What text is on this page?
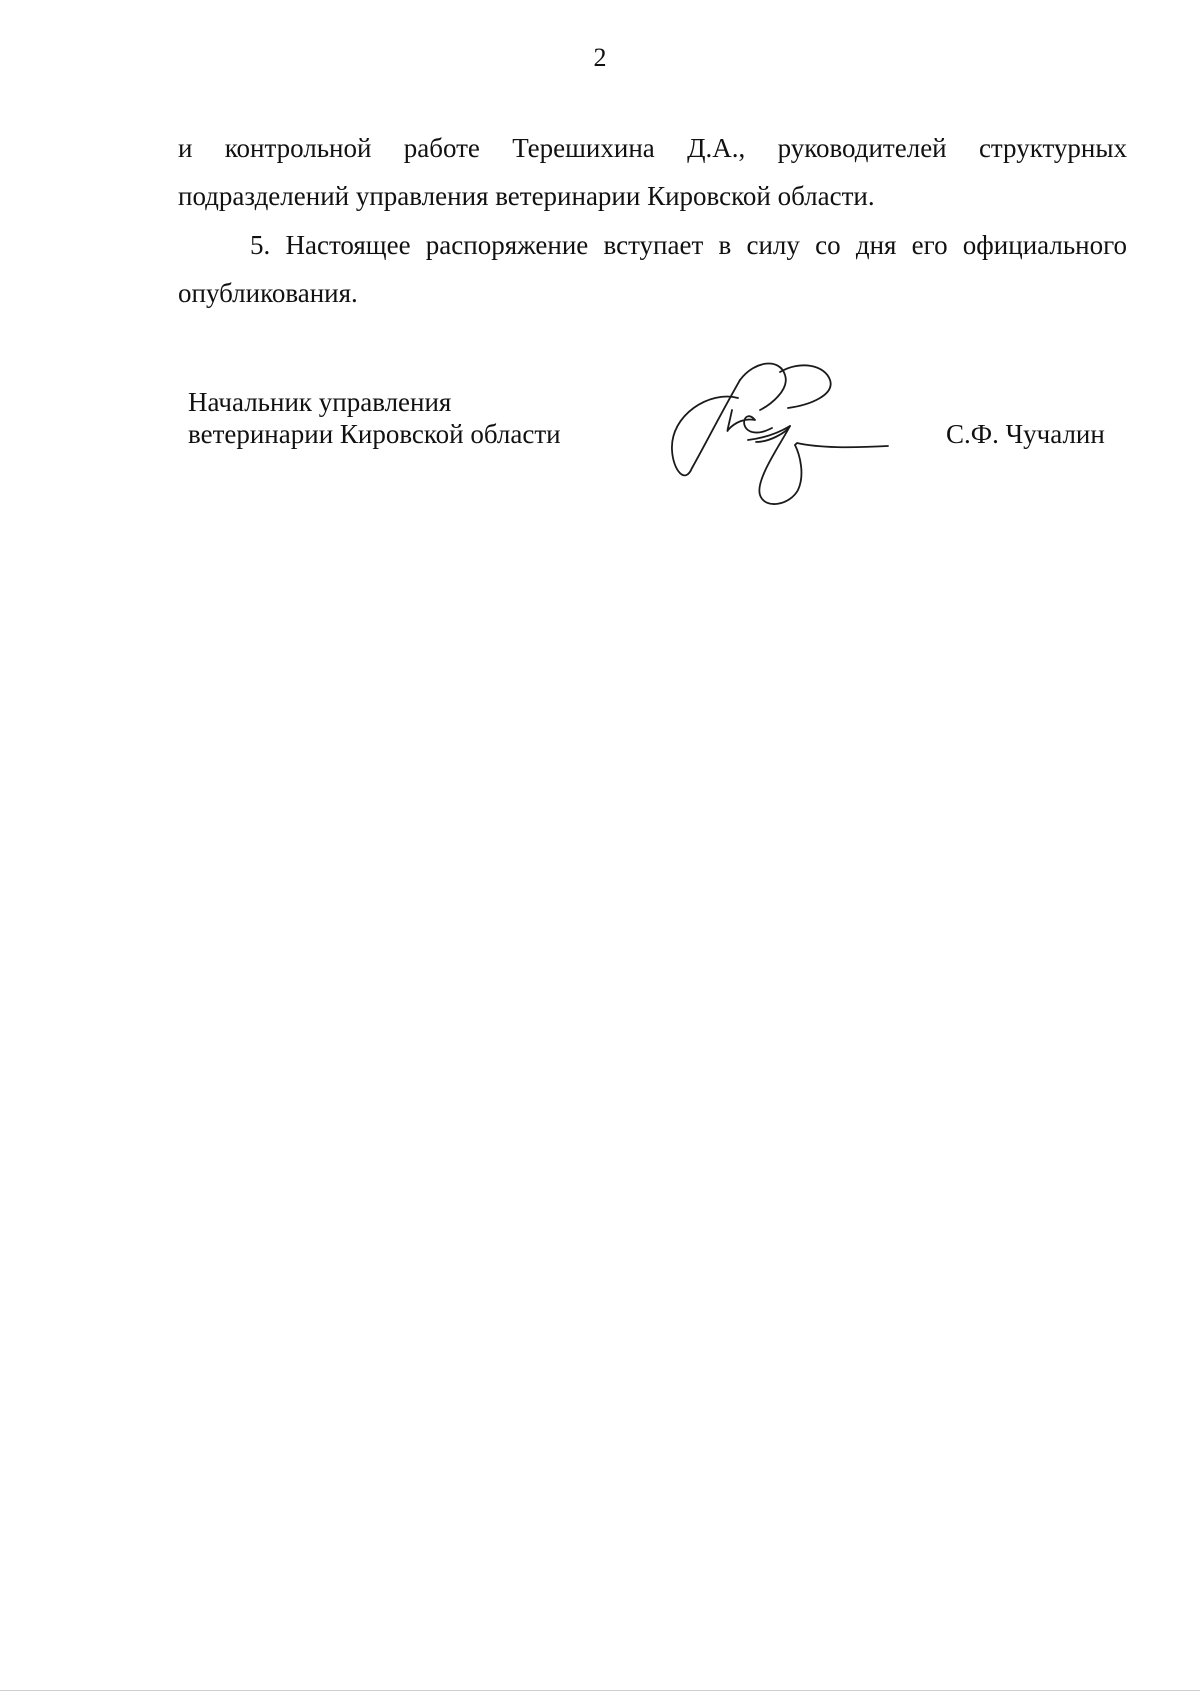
2

и контрольной работе Терешихина Д.А., руководителей структурных подразделений управления ветеринарии Кировской области.

5. Настоящее распоряжение вступает в силу со дня его официального опубликования.

Начальник управления
ветеринарии Кировской области	С.Ф. Чучалин
